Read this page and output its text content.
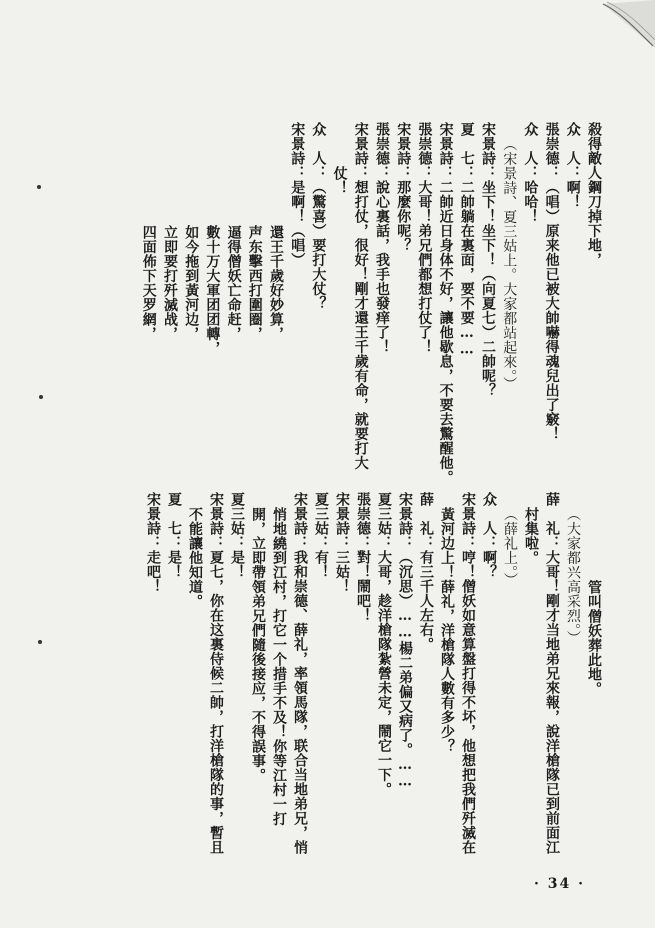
殺得敵人鋼刀掉下地，
众　人：啊！
張崇德：（唱）原来他已被大帥嚇得魂兒出了竅！
众　人：哈哈！
（宋景詩、夏三姑上。大家都站起來。）
宋景詩：坐下！坐下！（向夏七）二帥呢？
夏　七：二帥躺在裏面，要不要……
宋景詩：二帥近日身体不好，讓他歇息，不要去驚醒他。
張崇德：大哥！弟兄們都想打仗了！
宋景詩：那麼你呢？
張崇德：說心裏話，我手也發痒了！
宋景詩：想打仗，很好！剛才還王千歲有命，就要打大
仗！
众　人：（驚喜）要打大仗？
宋景詩：是啊！（唱）
還王千歲好妙算，
声东擊西打圍圈，
逼得僧妖亡命赶，
數十万大軍团团轉，
如今拖到黃河边，
立即要打歼滅战，
四面佈下天罗網，
管叫僧妖葬此地。
（大家都兴高采烈。）
薛　礼：大哥！剛才当地弟兄來報，說洋槍隊已到前面江
村集啦。
（薛礼上。）
众　人：啊？
宋景詩：哼！僧妖如意算盤打得不坏，他想把我們歼滅在
黃河边上！薛礼，洋槍隊人數有多少？
薛　礼：有三千人左右。
宋景詩：（沉思）……楊二弟偏又病了。……
夏三姑：大哥，趁洋槍隊紮營未定，鬧它一下。
張崇德：對！鬧吧！
宋景詩：三姑！
夏三姑：有！
宋景詩：我和崇德、薛礼，率領馬隊，联合当地弟兄，悄
悄地繞到江村，打它一个措手不及！你等江村一打
開，立即帶領弟兄們隨後接应，不得誤事。
夏三姑：是！
宋景詩：夏七，你在这裏侍候二帥，打洋槍隊的事，暫且
不能讓他知道。
夏　七：是！
宋景詩：走吧！
· 34 ·
